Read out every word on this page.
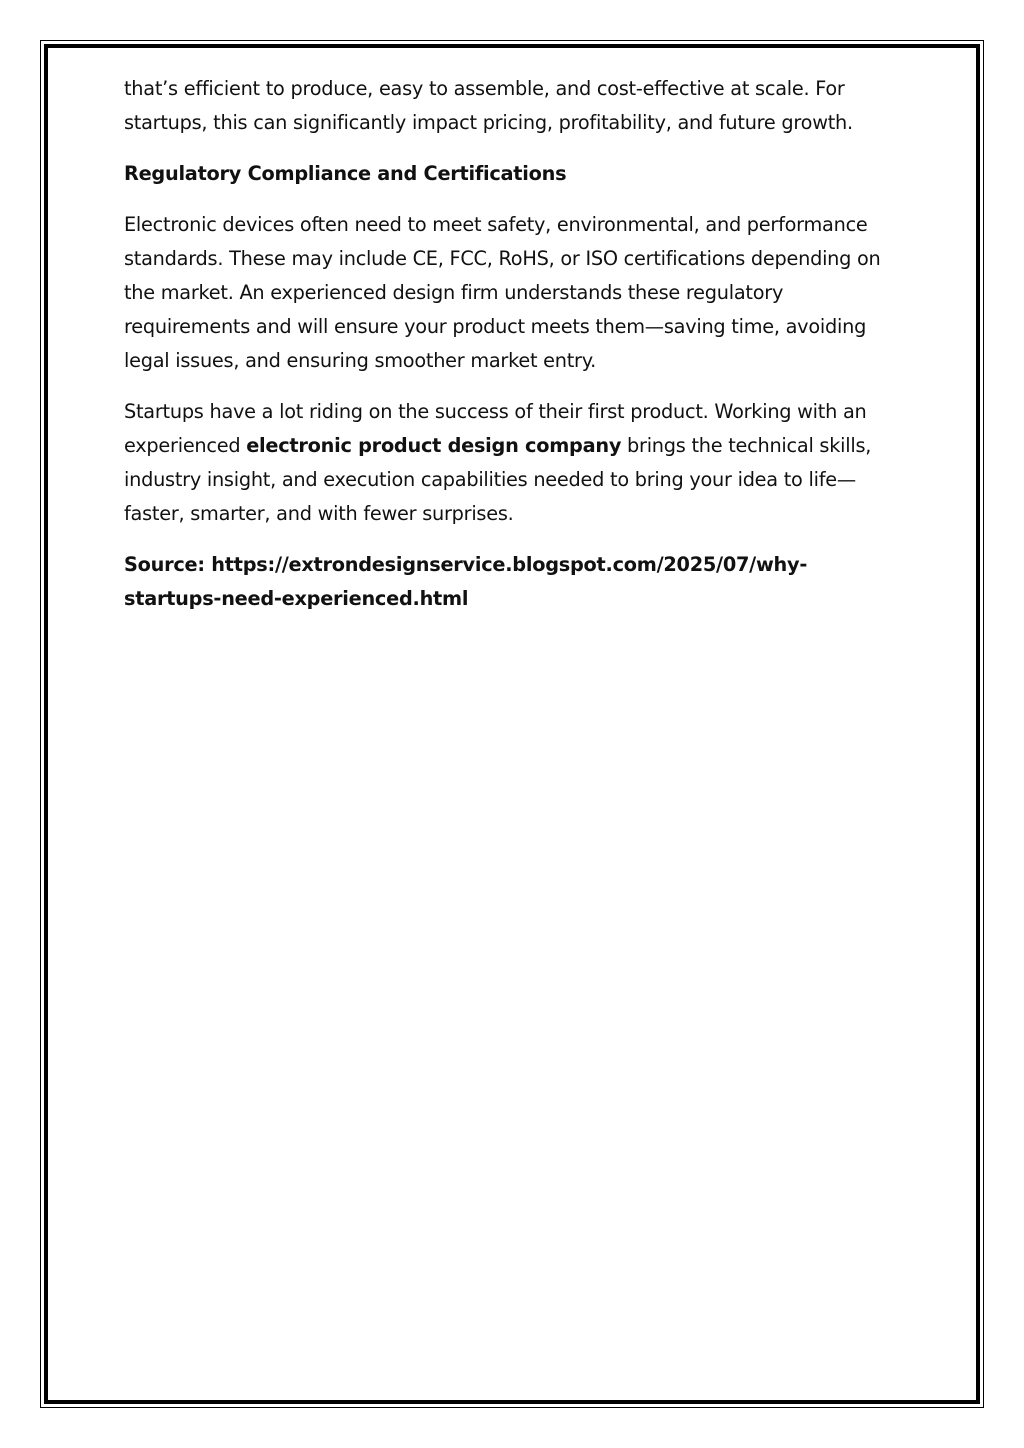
that’s efficient to produce, easy to assemble, and cost-effective at scale. For startups, this can significantly impact pricing, profitability, and future growth.

Regulatory Compliance and Certifications

Electronic devices often need to meet safety, environmental, and performance standards. These may include CE, FCC, RoHS, or ISO certifications depending on the market. An experienced design firm understands these regulatory requirements and will ensure your product meets them—saving time, avoiding legal issues, and ensuring smoother market entry.

Startups have a lot riding on the success of their first product. Working with an experienced electronic product design company brings the technical skills, industry insight, and execution capabilities needed to bring your idea to life—faster, smarter, and with fewer surprises.

Source: https://extrondesignservice.blogspot.com/2025/07/why-startups-need-experienced.html
